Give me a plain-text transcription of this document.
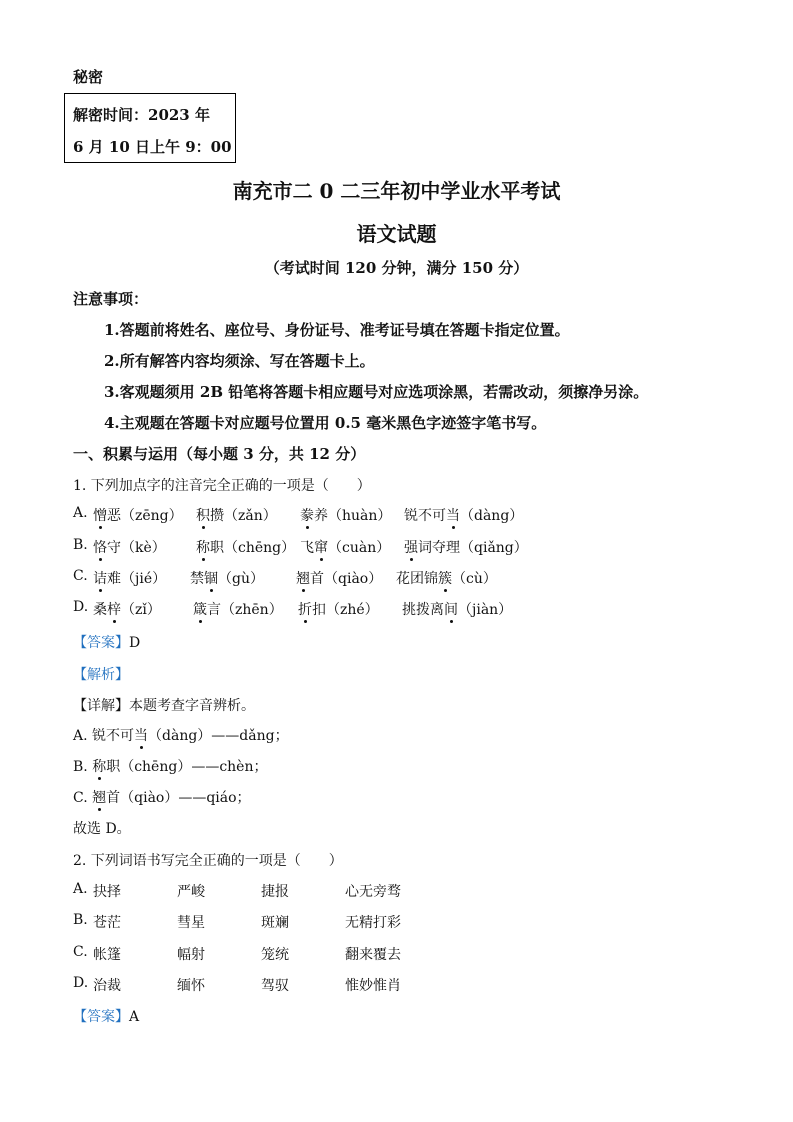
秘密
解密时间：2023 年
6 月 10 日上午 9：00
南充市二 0 二三年初中学业水平考试
语文试题
（考试时间 120 分钟，满分 150 分）
注意事项：
1.答题前将姓名、座位号、身份证号、准考证号填在答题卡指定位置。
2.所有解答内容均须涂、写在答题卡上。
3.客观题须用 2B 铅笔将答题卡相应题号对应选项涂黑，若需改动，须擦净另涂。
4.主观题在答题卡对应题号位置用 0.5 毫米黑色字迹签字笔书写。
一、积累与运用（每小题 3 分，共 12 分）
1. 下列加点字的注音完全正确的一项是（　　）
A. 憎恶（zēng） 积攒（zǎn） 豢养（huàn） 锐不可当（dàng）
B. 恪守（kè） 称职（chēng） 飞窜（cuàn） 强词夺理（qiǎng）
C. 诘难（jié） 禁锢（gù） 翘首（qiào） 花团锦簇（cù）
D. 桑梓（zǐ） 箴言（zhēn） 折扣（zhé） 挑拨离间（jiàn）
【答案】D
【解析】
【详解】本题考查字音辨析。
A. 锐不可当（dàng）——dǎng；
B. 称职（chēng）——chèn；
C. 翘首（qiào）——qiáo；
故选 D。
2. 下列词语书写完全正确的一项是（　　）
A. 抉择	严峻	捷报	心无旁骛
B. 苍茫	彗星	斑斓	无精打彩
C. 帐篷	幅射	笼统	翻来覆去
D. 治裁	缅怀	驾驭	惟妙惟肖
【答案】A
